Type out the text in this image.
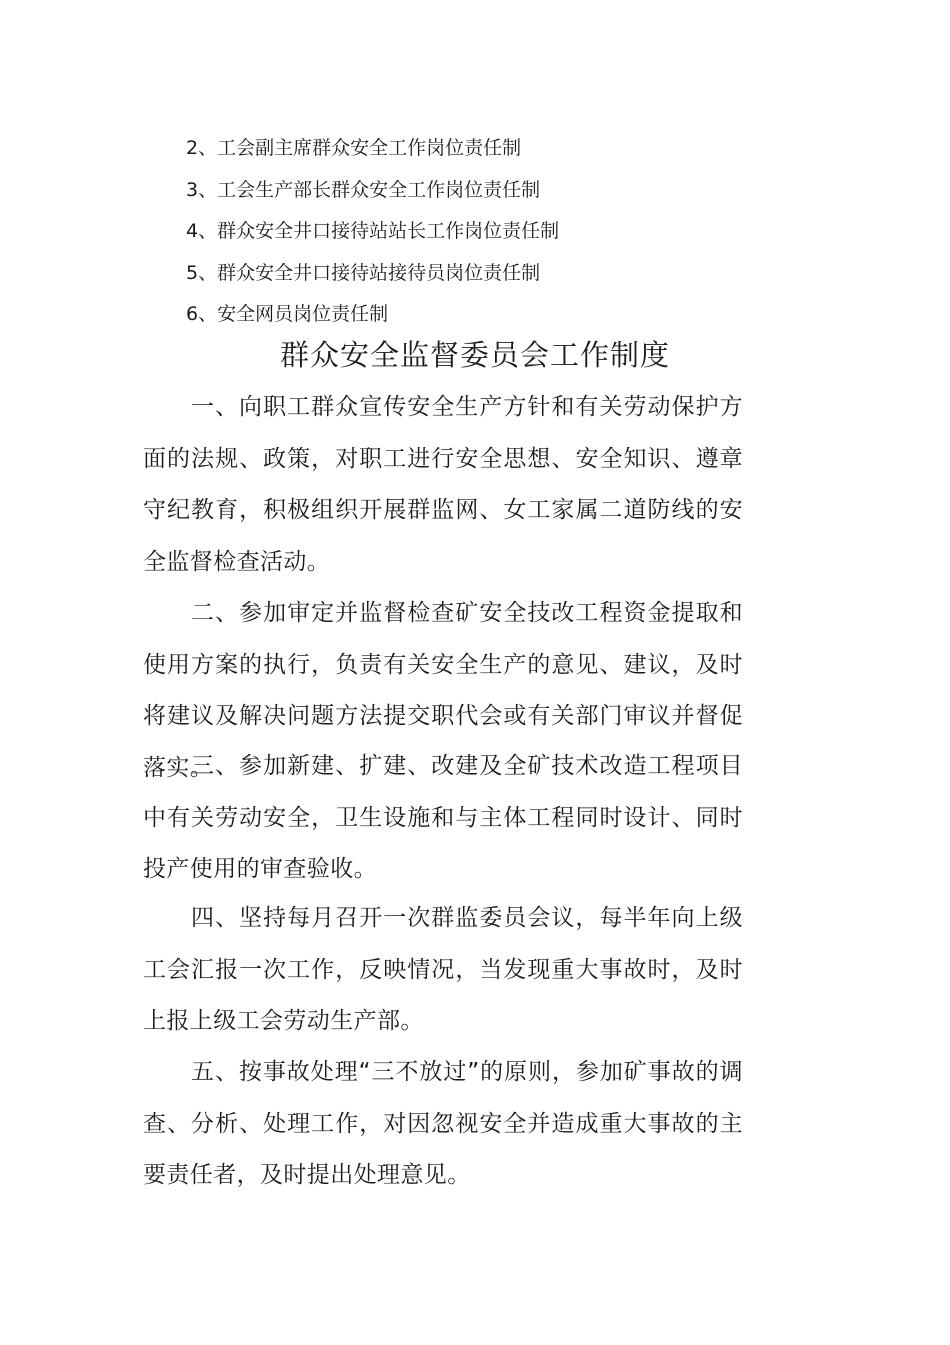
2、工会副主席群众安全工作岗位责任制
3、工会生产部长群众安全工作岗位责任制
4、群众安全井口接待站站长工作岗位责任制
5、群众安全井口接待站接待员岗位责任制
6、安全网员岗位责任制
群众安全监督委员会工作制度

一、向职工群众宣传安全生产方针和有关劳动保护方面的法规、政策，对职工进行安全思想、安全知识、遵章守纪教育，积极组织开展群监网、女工家属二道防线的安全监督检查活动。

二、参加审定并监督检查矿安全技改工程资金提取和使用方案的执行，负责有关安全生产的意见、建议，及时将建议及解决问题方法提交职代会或有关部门审议并督促落实。

三、参加新建、扩建、改建及全矿技术改造工程项目中有关劳动安全，卫生设施和与主体工程同时设计、同时投产使用的审查验收。

四、坚持每月召开一次群监委员会议，每半年向上级工会汇报一次工作，反映情况，当发现重大事故时，及时上报上级工会劳动生产部。

五、按事故处理“三不放过”的原则，参加矿事故的调查、分析、处理工作，对因忽视安全并造成重大事故的主要责任者，及时提出处理意见。
